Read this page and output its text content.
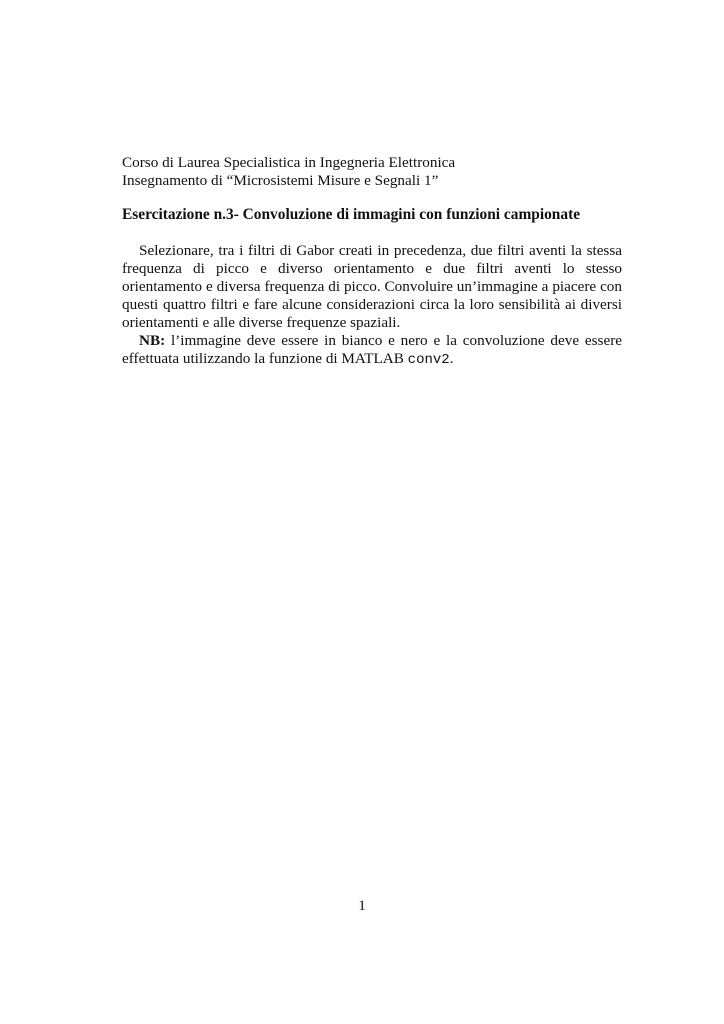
Corso di Laurea Specialistica in Ingegneria Elettronica
Insegnamento di “Microsistemi Misure e Segnali 1”
Esercitazione n.3- Convoluzione di immagini con funzioni campionate

Selezionare, tra i filtri di Gabor creati in precedenza, due filtri aventi la stessa frequenza di picco e diverso orientamento e due filtri aventi lo stesso orientamento e diversa frequenza di picco. Convoluire un’immagine a piacere con questi quattro filtri e fare alcune considerazioni circa la loro sensibilità ai diversi orientamenti e alle diverse frequenze spaziali.

NB: l’immagine deve essere in bianco e nero e la convoluzione deve essere effettuata utilizzando la funzione di MATLAB conv2.

1
